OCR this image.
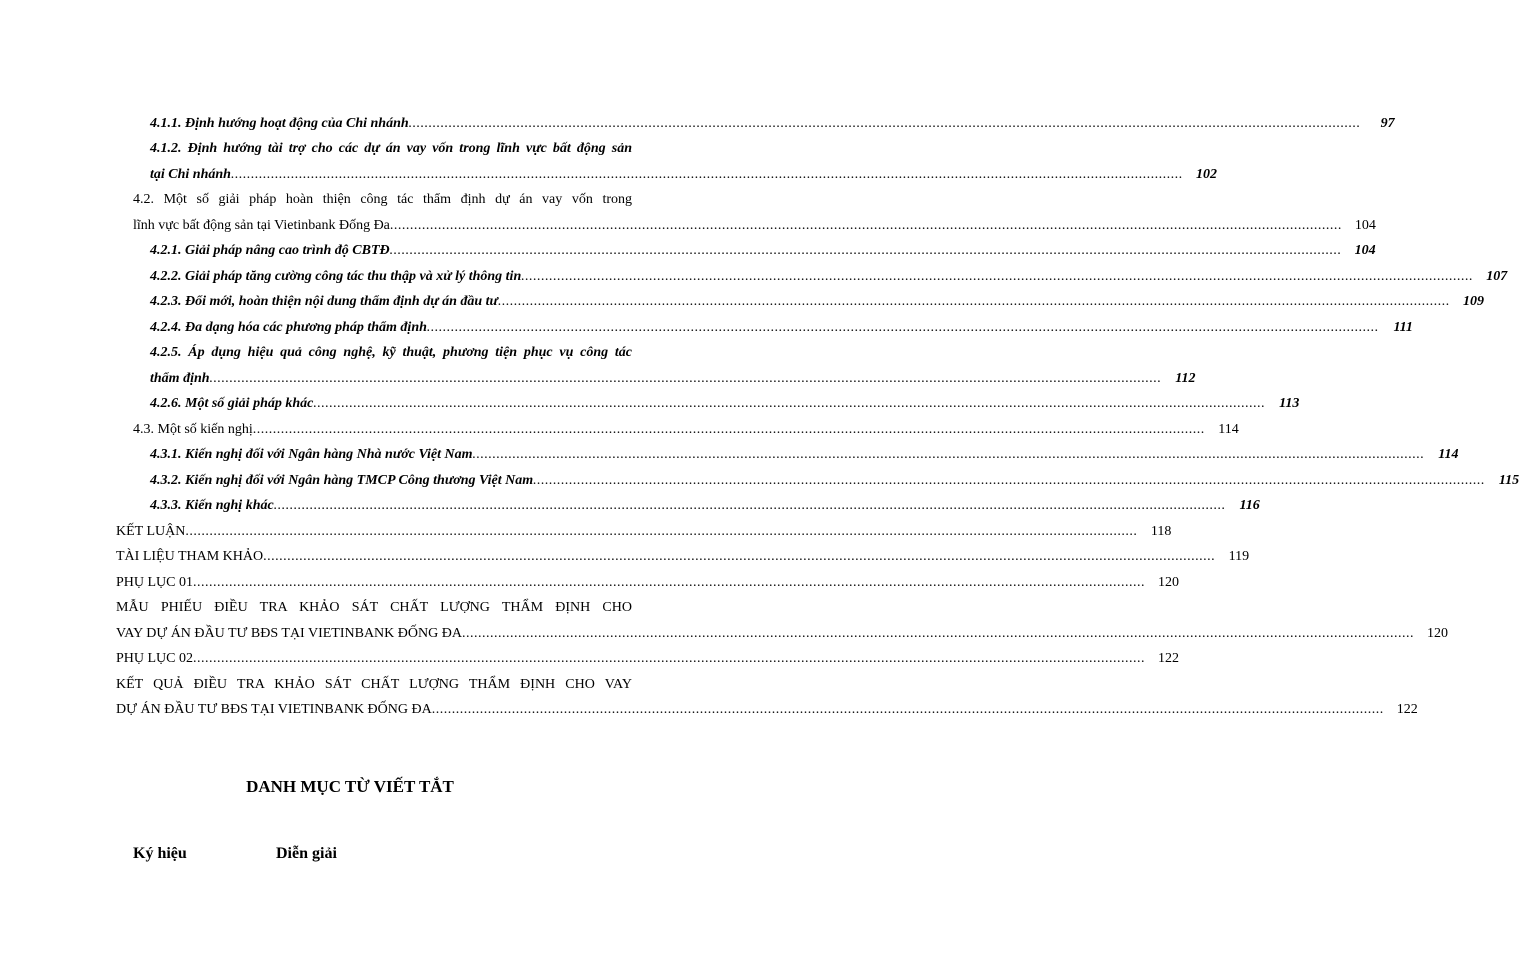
4.1.1. Định hướng hoạt động của Chi nhánh .....	97
4.1.2. Định hướng tài trợ cho các dự án vay vốn trong lĩnh vực bất động sản
tại Chi nhánh .....	102
4.2. Một số giải pháp hoàn thiện công tác thẩm định dự án vay vốn trong
lĩnh vực bất động sản tại Vietinbank Đống Đa .....	104
4.2.1. Giải pháp nâng cao trình độ CBTĐ .....	104
4.2.2. Giải pháp tăng cường công tác thu thập và xử lý thông tin .....	107
4.2.3. Đổi mới, hoàn thiện nội dung thẩm định dự án đầu tư .....	109
4.2.4. Đa dạng hóa các phương pháp thẩm định .....	111
4.2.5. Áp dụng hiệu quả công nghệ, kỹ thuật, phương tiện phục vụ công tác
thẩm định .....	112
4.2.6. Một số giải pháp khác .....	113
4.3. Một số kiến nghị .....	114
4.3.1. Kiến nghị đối với Ngân hàng Nhà nước Việt Nam .....	114
4.3.2. Kiến nghị đối với Ngân hàng TMCP Công thương Việt Nam .....	115
4.3.3. Kiến nghị khác .....	116
KẾT LUẬN .....	118
TÀI LIỆU THAM KHẢO .....	119
PHỤ LỤC 01 .....	120
MẪU PHIẾU ĐIỀU TRA KHẢO SÁT CHẤT LƯỢNG THẨM ĐỊNH CHO
VAY DỰ ÁN ĐẦU TƯ BĐS TẠI VIETINBANK ĐỐNG ĐA .....	120
PHỤ LỤC 02 .....	122
KẾT QUẢ ĐIỀU TRA KHẢO SÁT CHẤT LƯỢNG THẨM ĐỊNH CHO VAY
DỰ ÁN ĐẦU TƯ BĐS TẠI VIETINBANK ĐỐNG ĐA .....	122
DANH MỤC TỪ VIẾT TẮT
Ký hiệu	Diễn giải
